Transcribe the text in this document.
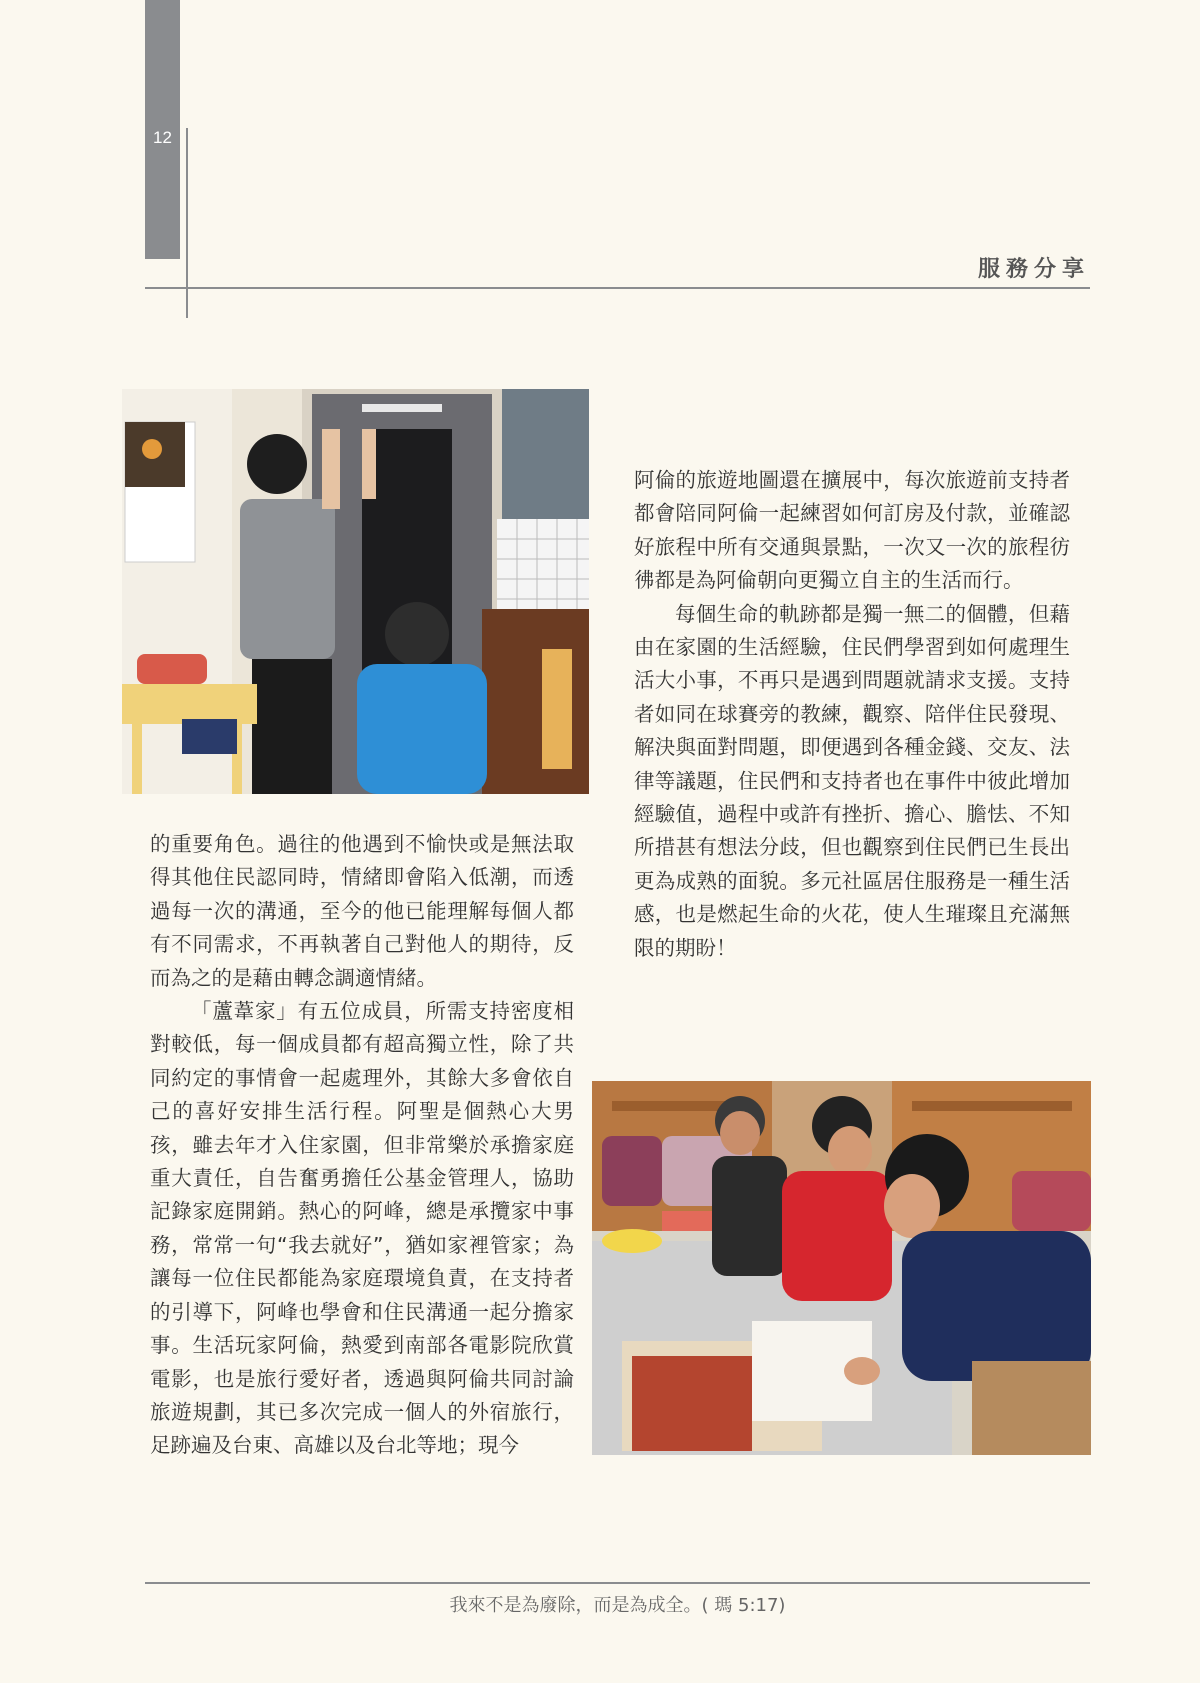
12
服務分享

的重要角色。過往的他遇到不愉快或是無法取得其他住民認同時，情緒即會陷入低潮，而透過每一次的溝通，至今的他已能理解每個人都有不同需求，不再執著自己對他人的期待，反而為之的是藉由轉念調適情緒。

「蘆葦家」有五位成員，所需支持密度相對較低，每一個成員都有超高獨立性，除了共同約定的事情會一起處理外，其餘大多會依自己的喜好安排生活行程。阿聖是個熱心大男孩，雖去年才入住家園，但非常樂於承擔家庭重大責任，自告奮勇擔任公基金管理人，協助記錄家庭開銷。熱心的阿峰，總是承攬家中事務，常常一句“我去就好”，猶如家裡管家；為讓每一位住民都能為家庭環境負責，在支持者的引導下，阿峰也學會和住民溝通一起分擔家事。生活玩家阿倫，熱愛到南部各電影院欣賞電影，也是旅行愛好者，透過與阿倫共同討論旅遊規劃，其已多次完成一個人的外宿旅行，足跡遍及台東、高雄以及台北等地；現今

阿倫的旅遊地圖還在擴展中，每次旅遊前支持者都會陪同阿倫一起練習如何訂房及付款，並確認好旅程中所有交通與景點，一次又一次的旅程彷彿都是為阿倫朝向更獨立自主的生活而行。

每個生命的軌跡都是獨一無二的個體，但藉由在家園的生活經驗，住民們學習到如何處理生活大小事，不再只是遇到問題就請求支援。支持者如同在球賽旁的教練，觀察、陪伴住民發現、解決與面對問題，即便遇到各種金錢、交友、法律等議題，住民們和支持者也在事件中彼此增加經驗值，過程中或許有挫折、擔心、膽怯、不知所措甚有想法分歧，但也觀察到住民們已生長出更為成熟的面貌。多元社區居住服務是一種生活感，也是燃起生命的火花，使人生璀璨且充滿無限的期盼！

我來不是為廢除，而是為成全。( 瑪 5:17)
